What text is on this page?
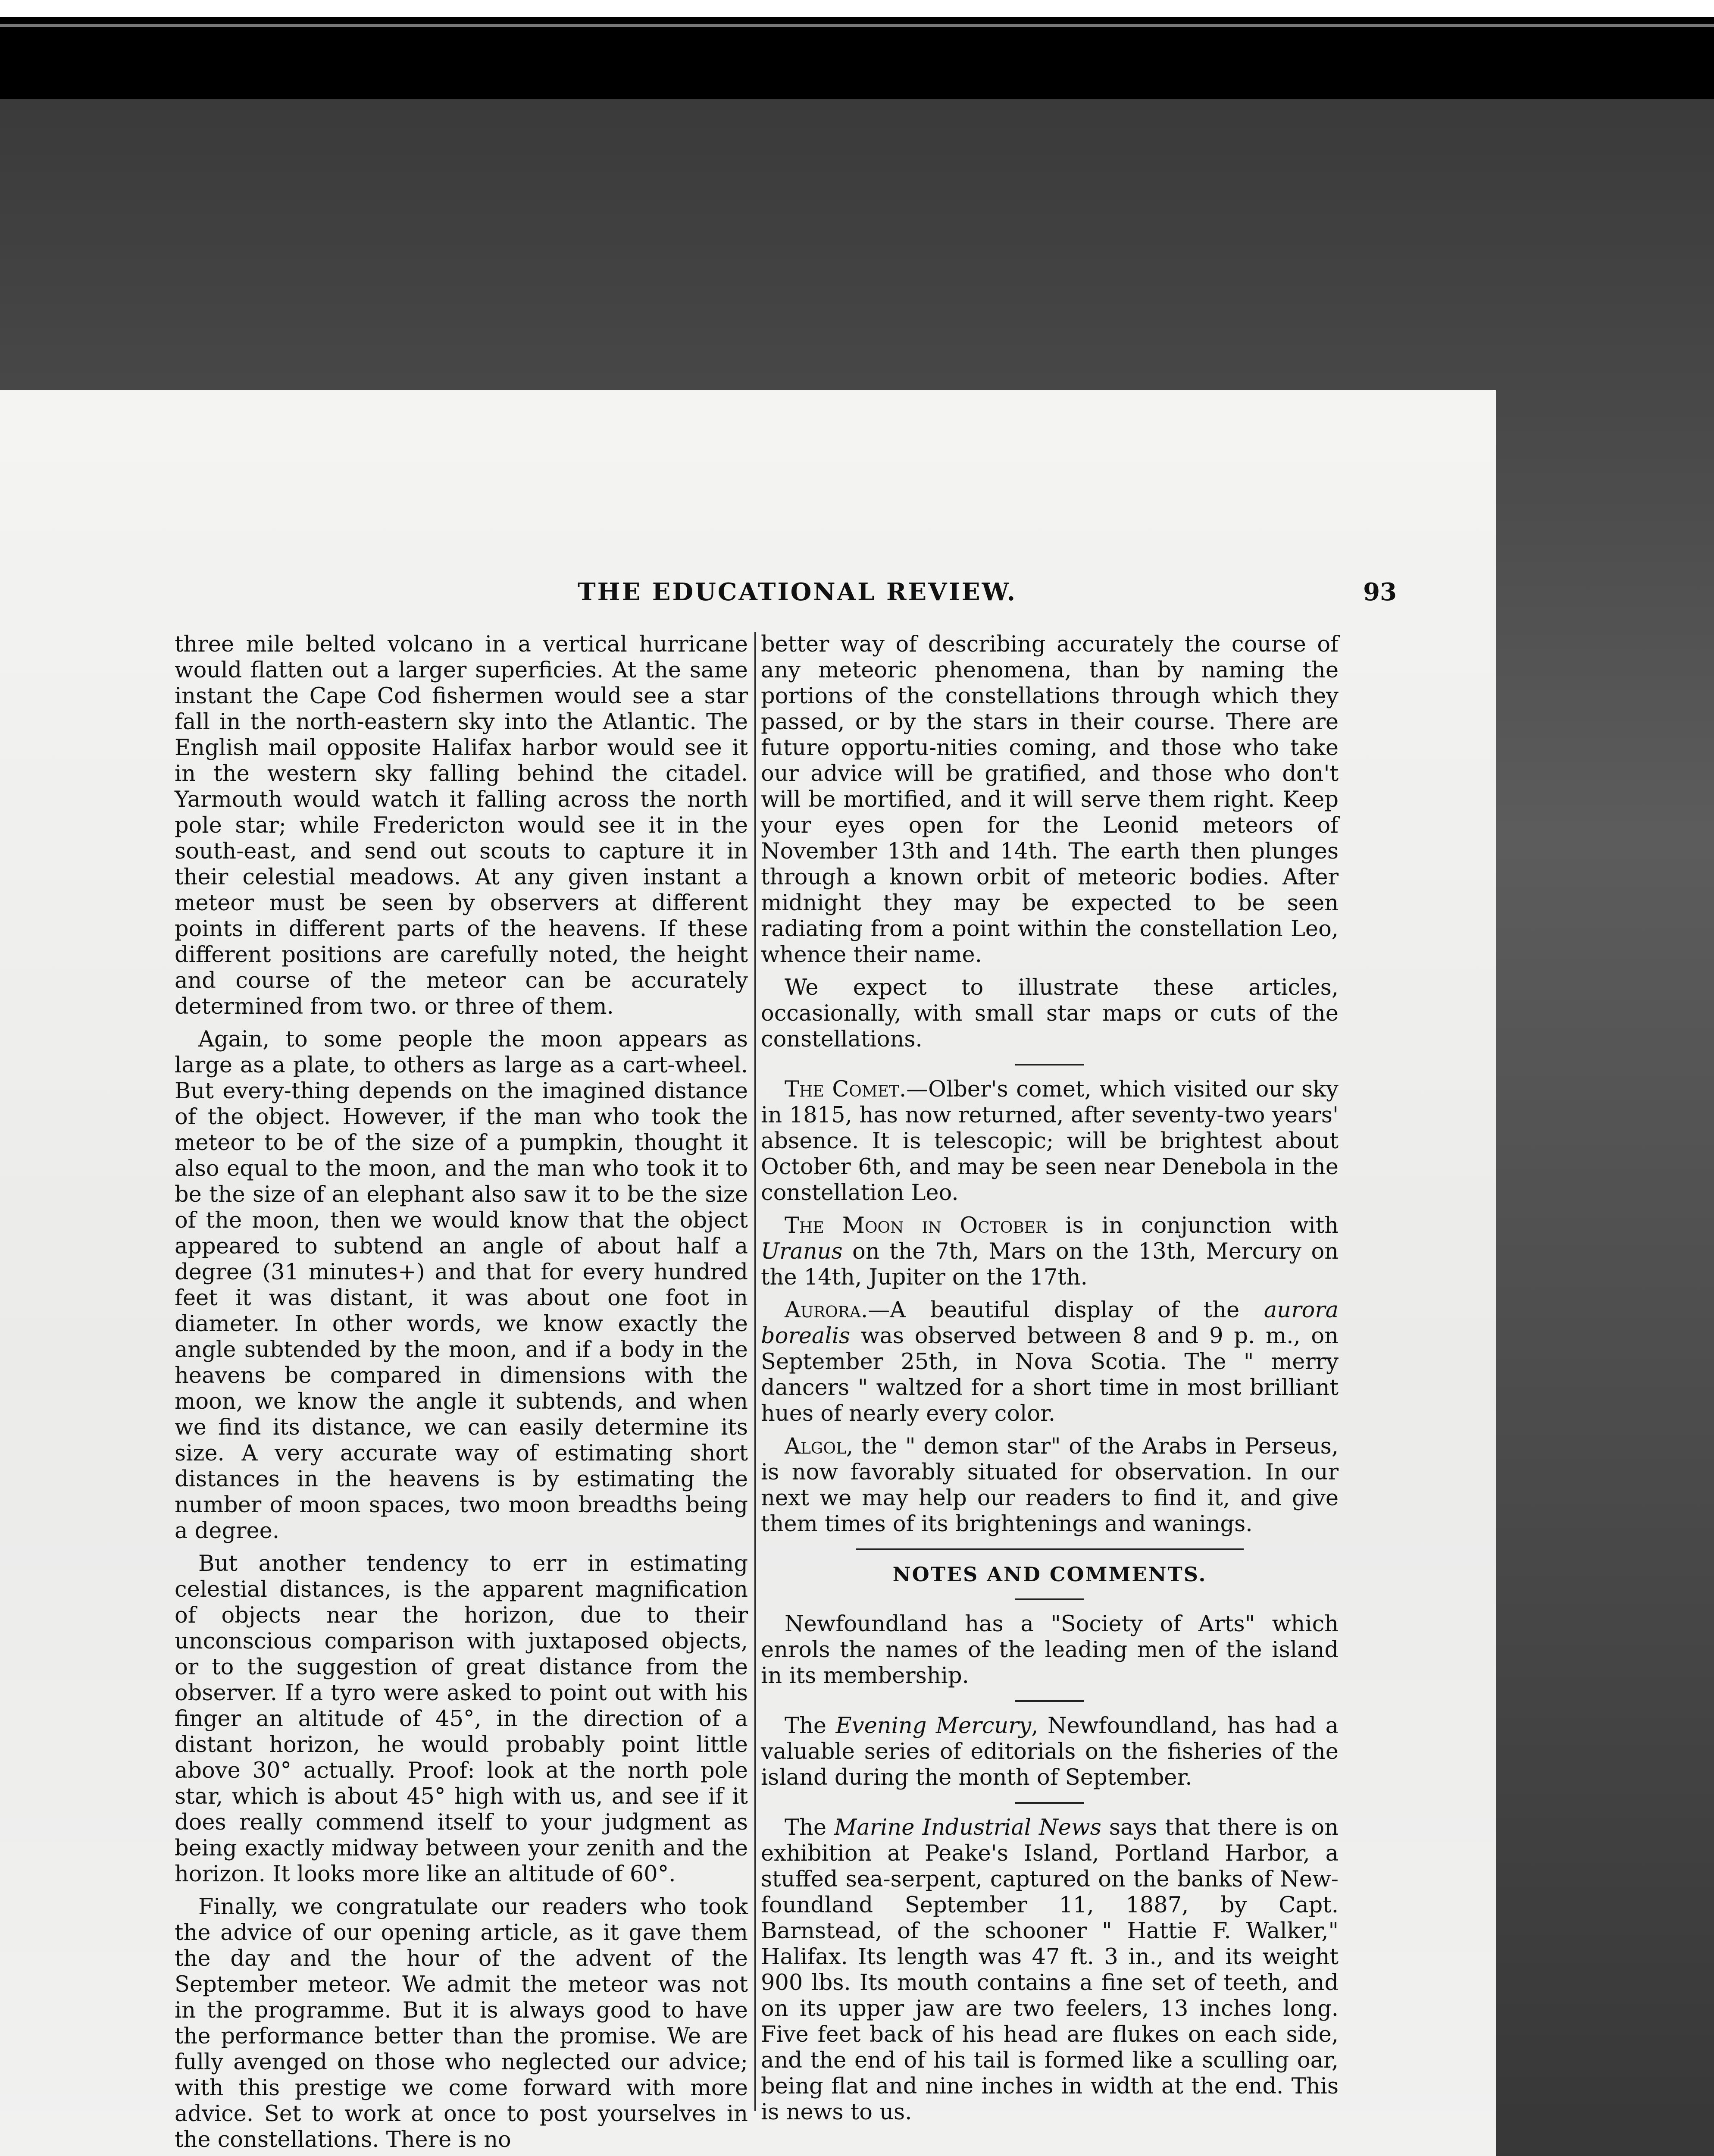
THE EDUCATIONAL REVIEW.	93

three mile belted volcano in a vertical hurricane would flatten out a larger superficies. At the same instant the Cape Cod fishermen would see a star fall in the north-eastern sky into the Atlantic. The English mail opposite Halifax harbor would see it in the western sky falling behind the citadel. Yarmouth would watch it falling across the north pole star; while Fredericton would see it in the south-east, and send out scouts to capture it in their celestial meadows. At any given instant a meteor must be seen by observers at different points in different parts of the heavens. If these different positions are carefully noted, the height and course of the meteor can be accurately determined from two. or three of them.

Again, to some people the moon appears as large as a plate, to others as large as a cart-wheel. But every-thing depends on the imagined distance of the object. However, if the man who took the meteor to be of the size of a pumpkin, thought it also equal to the moon, and the man who took it to be the size of an elephant also saw it to be the size of the moon, then we would know that the object appeared to subtend an angle of about half a degree (31 minutes+) and that for every hundred feet it was distant, it was about one foot in diameter. In other words, we know exactly the angle subtended by the moon, and if a body in the heavens be compared in dimensions with the moon, we know the angle it subtends, and when we find its distance, we can easily determine its size. A very accurate way of estimating short distances in the heavens is by estimating the number of moon spaces, two moon breadths being a degree.

But another tendency to err in estimating celestial distances, is the apparent magnification of objects near the horizon, due to their unconscious comparison with juxtaposed objects, or to the suggestion of great distance from the observer. If a tyro were asked to point out with his finger an altitude of 45°, in the direction of a distant horizon, he would probably point little above 30° actually. Proof: look at the north pole star, which is about 45° high with us, and see if it does really commend itself to your judgment as being exactly midway between your zenith and the horizon. It looks more like an altitude of 60°.

Finally, we congratulate our readers who took the advice of our opening article, as it gave them the day and the hour of the advent of the September meteor. We admit the meteor was not in the programme. But it is always good to have the performance better than the promise. We are fully avenged on those who neglected our advice; with this prestige we come forward with more advice. Set to work at once to post yourselves in the constellations. There is no

better way of describing accurately the course of any meteoric phenomena, than by naming the portions of the constellations through which they passed, or by the stars in their course. There are future opportu-nities coming, and those who take our advice will be gratified, and those who don't will be mortified, and it will serve them right. Keep your eyes open for the Leonid meteors of November 13th and 14th. The earth then plunges through a known orbit of meteoric bodies. After midnight they may be expected to be seen radiating from a point within the constellation Leo, whence their name.

We expect to illustrate these articles, occasionally, with small star maps or cuts of the constellations.

The Comet.—Olber's comet, which visited our sky in 1815, has now returned, after seventy-two years' absence. It is telescopic; will be brightest about October 6th, and may be seen near Denebola in the constellation Leo.

The Moon in October is in conjunction with Uranus on the 7th, Mars on the 13th, Mercury on the 14th, Jupiter on the 17th.

Aurora.—A beautiful display of the aurora borealis was observed between 8 and 9 p. m., on September 25th, in Nova Scotia. The " merry dancers " waltzed for a short time in most brilliant hues of nearly every color.

Algol, the " demon star" of the Arabs in Perseus, is now favorably situated for observation. In our next we may help our readers to find it, and give them times of its brightenings and wanings.

NOTES AND COMMENTS.

Newfoundland has a "Society of Arts" which enrols the names of the leading men of the island in its membership.

The Evening Mercury, Newfoundland, has had a valuable series of editorials on the fisheries of the island during the month of September.

The Marine Industrial News says that there is on exhibition at Peake's Island, Portland Harbor, a stuffed sea-serpent, captured on the banks of New-foundland September 11, 1887, by Capt. Barnstead, of the schooner " Hattie F. Walker," Halifax. Its length was 47 ft. 3 in., and its weight 900 lbs. Its mouth contains a fine set of teeth, and on its upper jaw are two feelers, 13 inches long. Five feet back of his head are flukes on each side, and the end of his tail is formed like a sculling oar, being flat and nine inches in width at the end. This is news to us.
